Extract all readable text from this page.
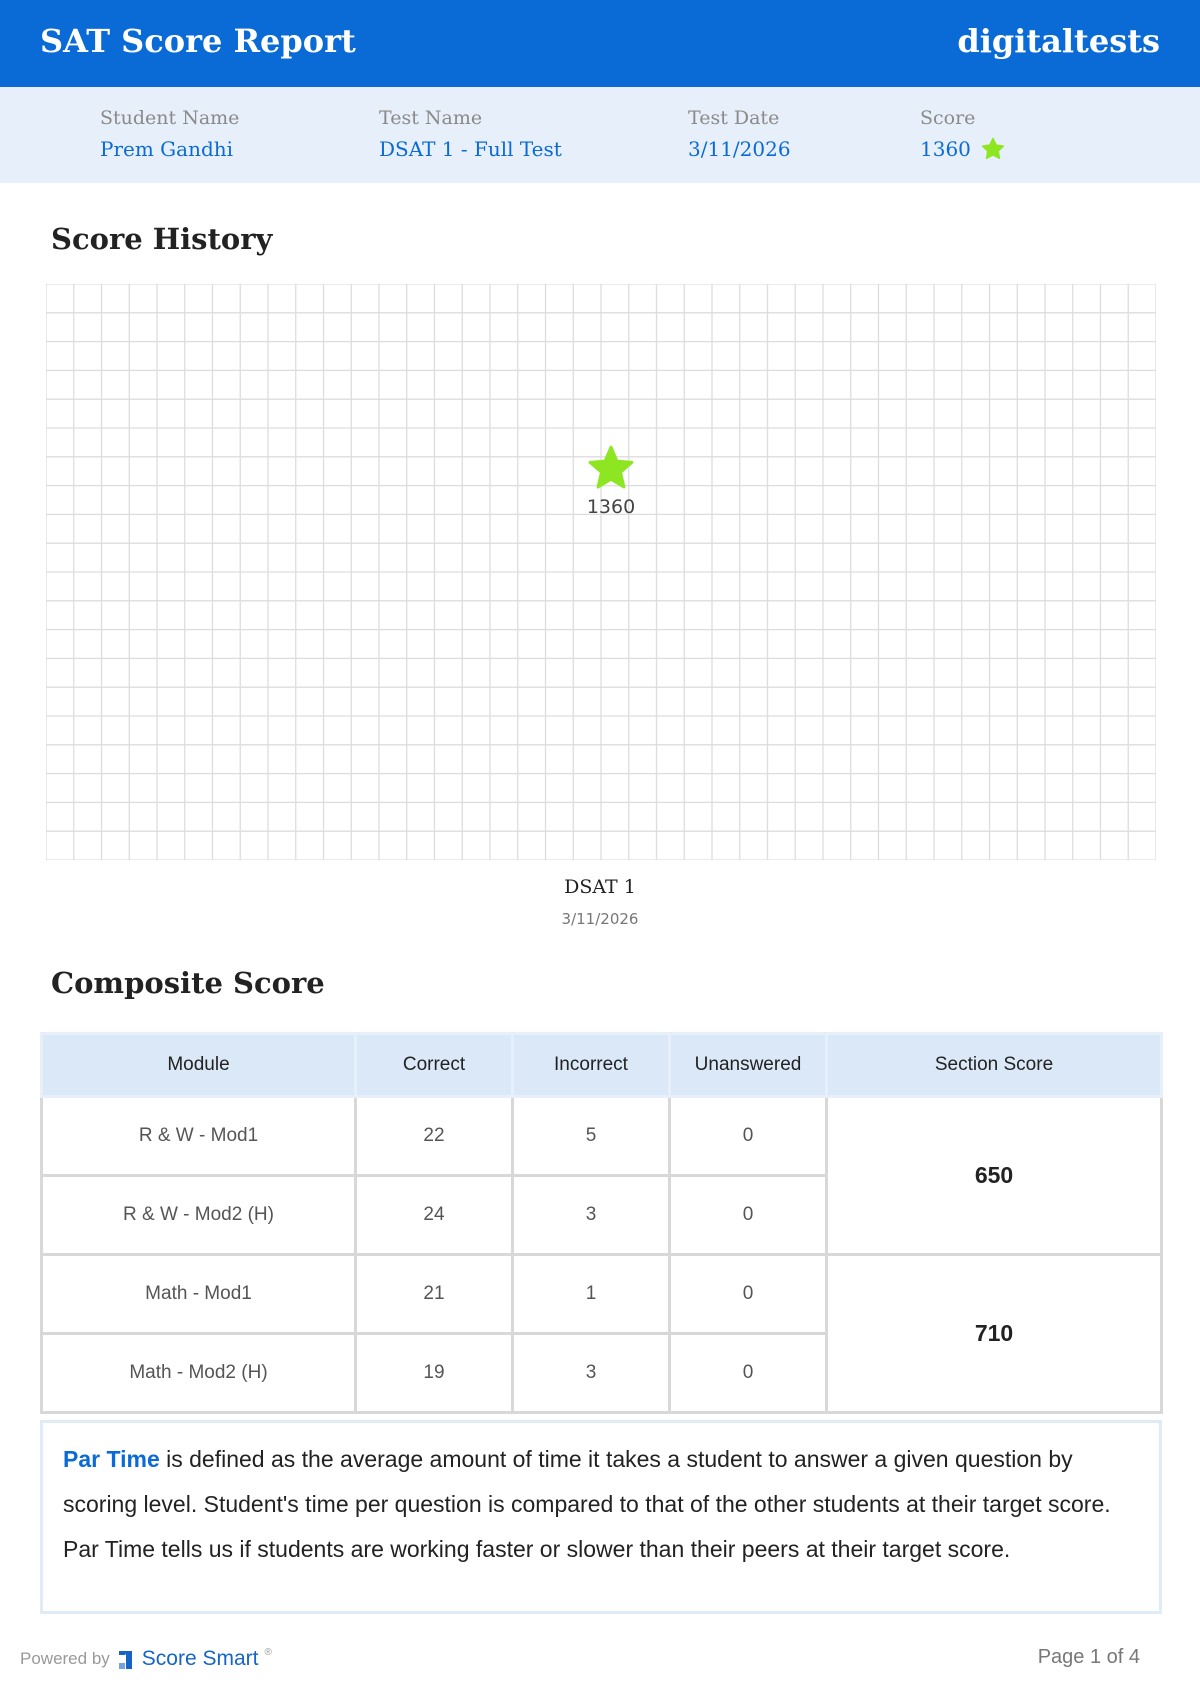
SAT Score Report	digitaltests
Student Name
Prem Gandhi
Test Name
DSAT 1 - Full Test
Test Date
3/11/2026
Score
1360
Score History
1360
DSAT 1
3/11/2026
Composite Score
Module	Correct	Incorrect	Unanswered	Section Score
R & W - Mod1	22	5	0	650
R & W - Mod2 (H)	24	3	0	
Math - Mod1	21	1	0	710
Math - Mod2 (H)	19	3	0	
Par Time is defined as the average amount of time it takes a student to answer a given question by scoring level. Student's time per question is compared to that of the other students at their target score. Par Time tells us if students are working faster or slower than their peers at their target score.
Powered by Score Smart ®	Page 1 of 4
